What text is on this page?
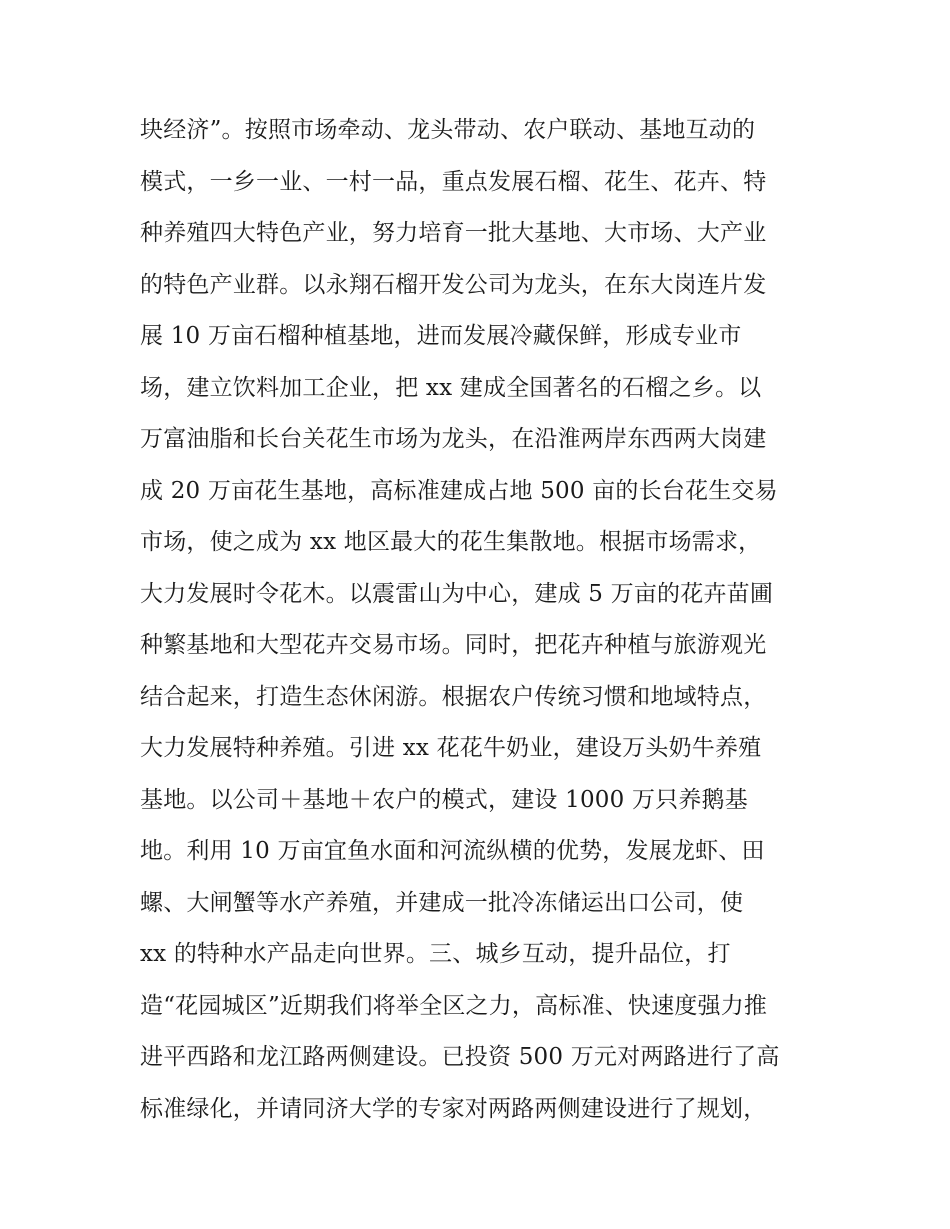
块经济”。按照市场牵动、龙头带动、农户联动、基地互动的
模式，一乡一业、一村一品，重点发展石榴、花生、花卉、特
种养殖四大特色产业，努力培育一批大基地、大市场、大产业
的特色产业群。以永翔石榴开发公司为龙头，在东大岗连片发
展 10 万亩石榴种植基地，进而发展冷藏保鲜，形成专业市
场，建立饮料加工企业，把 xx 建成全国著名的石榴之乡。以
万富油脂和长台关花生市场为龙头，在沿淮两岸东西两大岗建
成 20 万亩花生基地，高标准建成占地 500 亩的长台花生交易
市场，使之成为 xx 地区最大的花生集散地。根据市场需求，
大力发展时令花木。以震雷山为中心，建成 5 万亩的花卉苗圃
种繁基地和大型花卉交易市场。同时，把花卉种植与旅游观光
结合起来，打造生态休闲游。根据农户传统习惯和地域特点，
大力发展特种养殖。引进 xx 花花牛奶业，建设万头奶牛养殖
基地。以公司＋基地＋农户的模式，建设 1000 万只养鹅基
地。利用 10 万亩宜鱼水面和河流纵横的优势，发展龙虾、田
螺、大闸蟹等水产养殖，并建成一批冷冻储运出口公司，使
xx 的特种水产品走向世界。三、城乡互动，提升品位，打
造“花园城区”近期我们将举全区之力，高标准、快速度强力推
进平西路和龙江路两侧建设。已投资 500 万元对两路进行了高
标准绿化，并请同济大学的专家对两路两侧建设进行了规划，
